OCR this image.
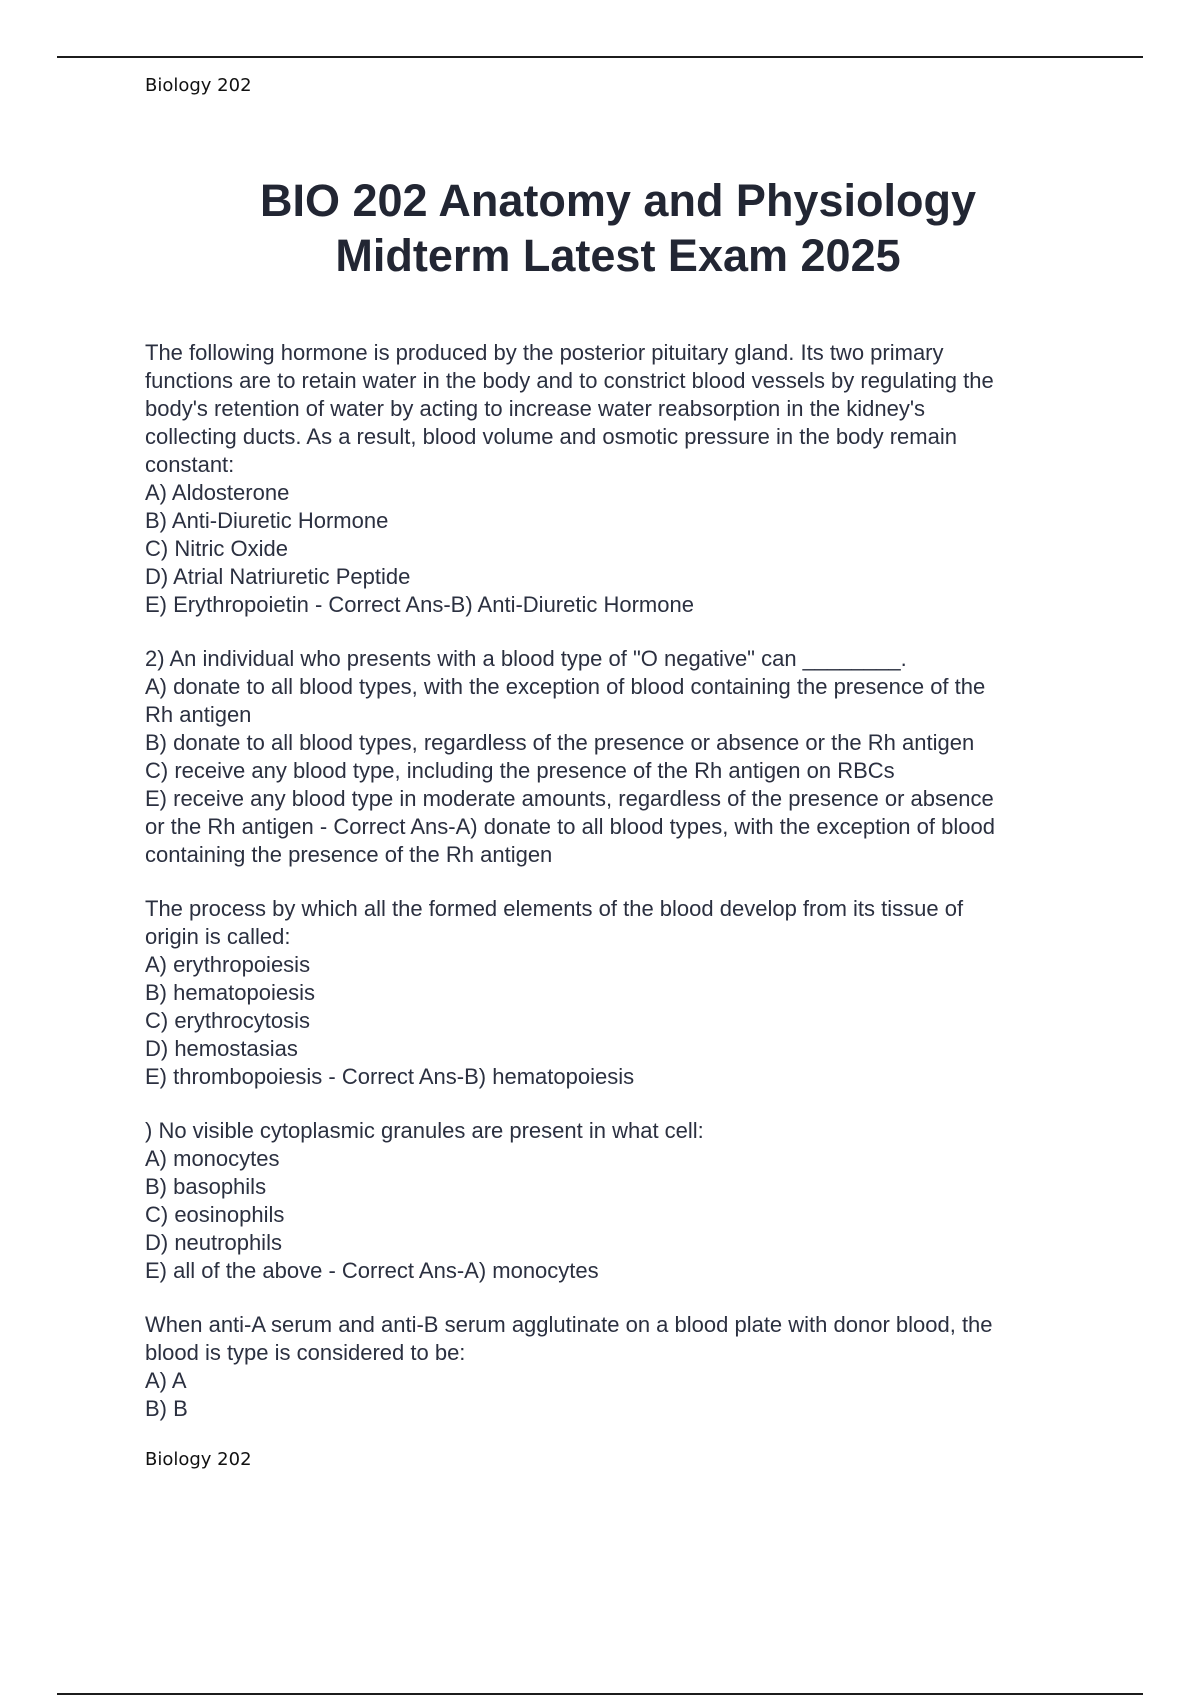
Biology 202
BIO 202 Anatomy and Physiology
Midterm Latest Exam 2025
The following hormone is produced by the posterior pituitary gland. Its two primary
functions are to retain water in the body and to constrict blood vessels by regulating the
body's retention of water by acting to increase water reabsorption in the kidney's
collecting ducts. As a result, blood volume and osmotic pressure in the body remain
constant:
A) Aldosterone
B) Anti-Diuretic Hormone
C) Nitric Oxide
D) Atrial Natriuretic Peptide
E) Erythropoietin - Correct Ans-B) Anti-Diuretic Hormone
2) An individual who presents with a blood type of "O negative" can ________.
A) donate to all blood types, with the exception of blood containing the presence of the
Rh antigen
B) donate to all blood types, regardless of the presence or absence or the Rh antigen
C) receive any blood type, including the presence of the Rh antigen on RBCs
E) receive any blood type in moderate amounts, regardless of the presence or absence
or the Rh antigen - Correct Ans-A) donate to all blood types, with the exception of blood
containing the presence of the Rh antigen
The process by which all the formed elements of the blood develop from its tissue of
origin is called:
A) erythropoiesis
B) hematopoiesis
C) erythrocytosis
D) hemostasias
E) thrombopoiesis - Correct Ans-B) hematopoiesis
) No visible cytoplasmic granules are present in what cell:
A) monocytes
B) basophils
C) eosinophils
D) neutrophils
E) all of the above - Correct Ans-A) monocytes
When anti-A serum and anti-B serum agglutinate on a blood plate with donor blood, the
blood is type is considered to be:
A) A
B) B
Biology 202
